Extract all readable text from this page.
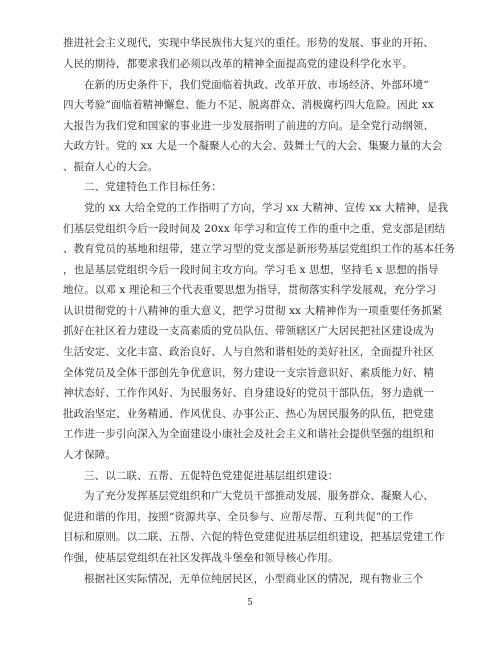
推进社会主义现代，实现中华民族伟大复兴的重任。形势的发展、事业的开拓、
人民的期待，都要求我们必须以改革的精神全面提高党的建设科学化水平。
在新的历史条件下，我们党面临着执政、改革开放、市场经济、外部环境“
四大考验”面临着精神懈怠、能力不足、脱离群众、消极腐朽四大危险。因此 xx
大报告为我们党和国家的事业进一步发展指明了前进的方向。是全党行动纲领、
大政方针。党的 xx 大是一个凝聚人心的大会、鼓舞士气的大会、集聚力量的大会
、振奋人心的大会。
二、党建特色工作目标任务：
党的 xx 大给全党的工作指明了方向，学习 xx 大精神、宣传 xx 大精神，是我
们基层党组织今后一段时间及 20xx 年学习和宣传工作的重中之重，党支部是团结
、教育党员的基地和纽带，建立学习型的党支部是新形势基层党组织工作的基本任务
，也是基层党组织今后一段时间主攻方向。学习毛 x 思想，坚持毛 x 思想的指导
地位。以邓 x 理论和三个代表重要思想为指导，贯彻落实科学发展观，充分学习
认识贯彻党的十八精神的重大意义，把学习贯彻 xx 大精神作为一项重要任务抓紧
抓好在社区着力建设一支高素质的党员队伍、带领辖区广大居民把社区建设成为
生活安定、文化丰富、政治良好、人与自然和谐相处的美好社区，全面提升社区
全体党员及全体干部创先争优意识，努力建设一支宗旨意识好、素质能力好、精
神状态好、工作作风好、为民服务好、自身建设好的党员干部队伍，努力造就一
批政治坚定、业务精通、作风优良、办事公正、热心为居民服务的队伍，把党建
工作进一步引向深入为全面建设小康社会及社会主义和谐社会提供坚强的组织和
人才保障。
三、以二联、五帮、五促特色党建促进基层组织建设：
为了充分发挥基层党组织和广大党员干部推动发展、服务群众、凝聚人心、
促进和谐的作用，按照“资源共享、全员参与、应帮尽帮、互利共促”的工作
目标和原则。以二联、五帮、六促的特色党建促进基层组织建设，把基层党建工作
作强，使基层党组织在社区发挥战斗堡垒和领导核心作用。
根据社区实际情况，无单位纯居民区，小型商业区的情况，现有物业三个
5
